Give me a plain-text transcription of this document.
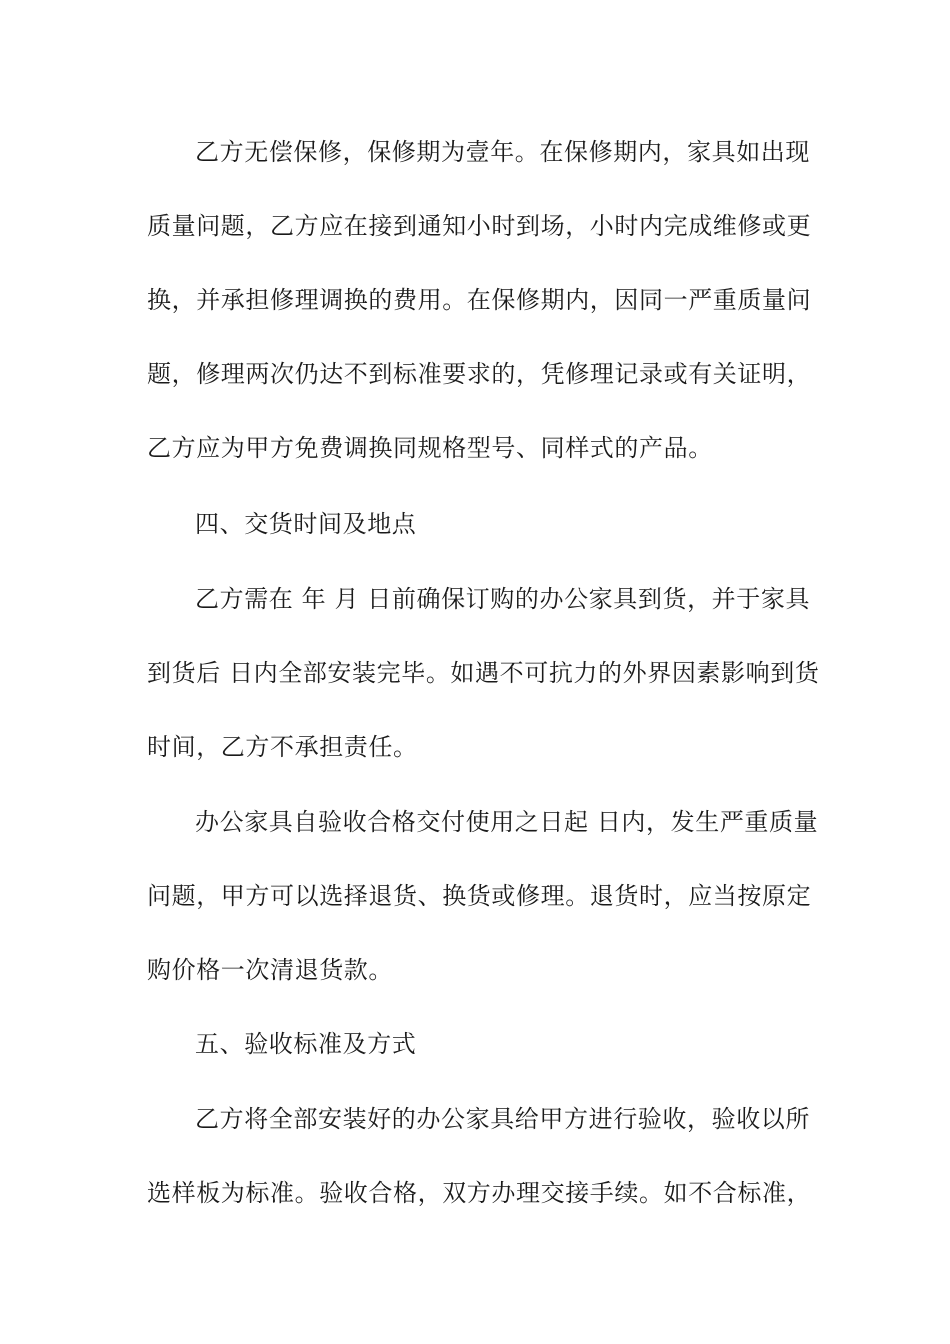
乙方无偿保修，保修期为壹年。在保修期内，家具如出现
质量问题，乙方应在接到通知小时到场，小时内完成维修或更
换，并承担修理调换的费用。在保修期内，因同一严重质量问
题，修理两次仍达不到标准要求的，凭修理记录或有关证明，
乙方应为甲方免费调换同规格型号、同样式的产品。
四、交货时间及地点
乙方需在 年 月 日前确保订购的办公家具到货，并于家具
到货后 日内全部安装完毕。如遇不可抗力的外界因素影响到货
时间，乙方不承担责任。
办公家具自验收合格交付使用之日起 日内，发生严重质量
问题，甲方可以选择退货、换货或修理。退货时，应当按原定
购价格一次清退货款。
五、验收标准及方式
乙方将全部安装好的办公家具给甲方进行验收，验收以所
选样板为标准。验收合格，双方办理交接手续。如不合标准，
